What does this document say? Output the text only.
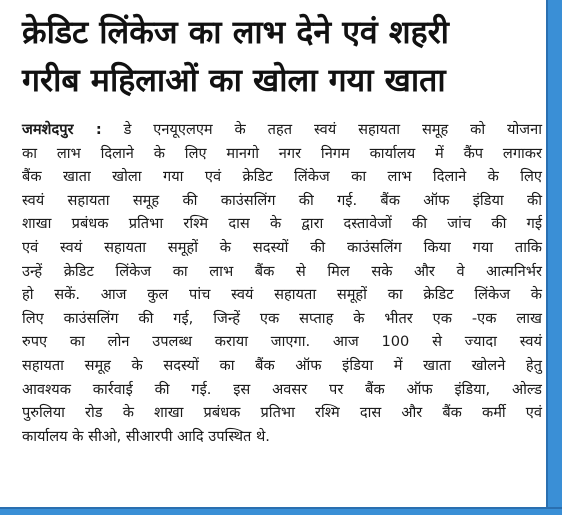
क्रेडिट लिंकेज का लाभ देने एवं शहरी
गरीब महिलाओं का खोला गया खाता
जमशेदपुर : डे एनयूएलएम के तहत स्वयं सहायता समूह को योजना
का लाभ दिलाने के लिए मानगो नगर निगम कार्यालय में कैंप लगाकर
बैंक खाता खोला गया एवं क्रेडिट लिंकेज का लाभ दिलाने के लिए
स्वयं सहायता समूह की काउंसलिंग की गई. बैंक ऑफ इंडिया की
शाखा प्रबंधक प्रतिभा रश्मि दास के द्वारा दस्तावेजों की जांच की गई
एवं स्वयं सहायता समूहों के सदस्यों की काउंसलिंग किया गया ताकि
उन्हें क्रेडिट लिंकेज का लाभ बैंक से मिल सके और वे आत्मनिर्भर
हो सकें. आज कुल पांच स्वयं सहायता समूहों का क्रेडिट लिंकेज के
लिए काउंसलिंग की गई, जिन्हें एक सप्ताह के भीतर एक -एक लाख
रुपए का लोन उपलब्ध कराया जाएगा. आज 100 से ज्यादा स्वयं
सहायता समूह के सदस्यों का बैंक ऑफ इंडिया में खाता खोलने हेतु
आवश्यक कार्रवाई की गई. इस अवसर पर बैंक ऑफ इंडिया, ओल्ड
पुरुलिया रोड के शाखा प्रबंधक प्रतिभा रश्मि दास और बैंक कर्मी एवं
कार्यालय के सीओ, सीआरपी आदि उपस्थित थे.
